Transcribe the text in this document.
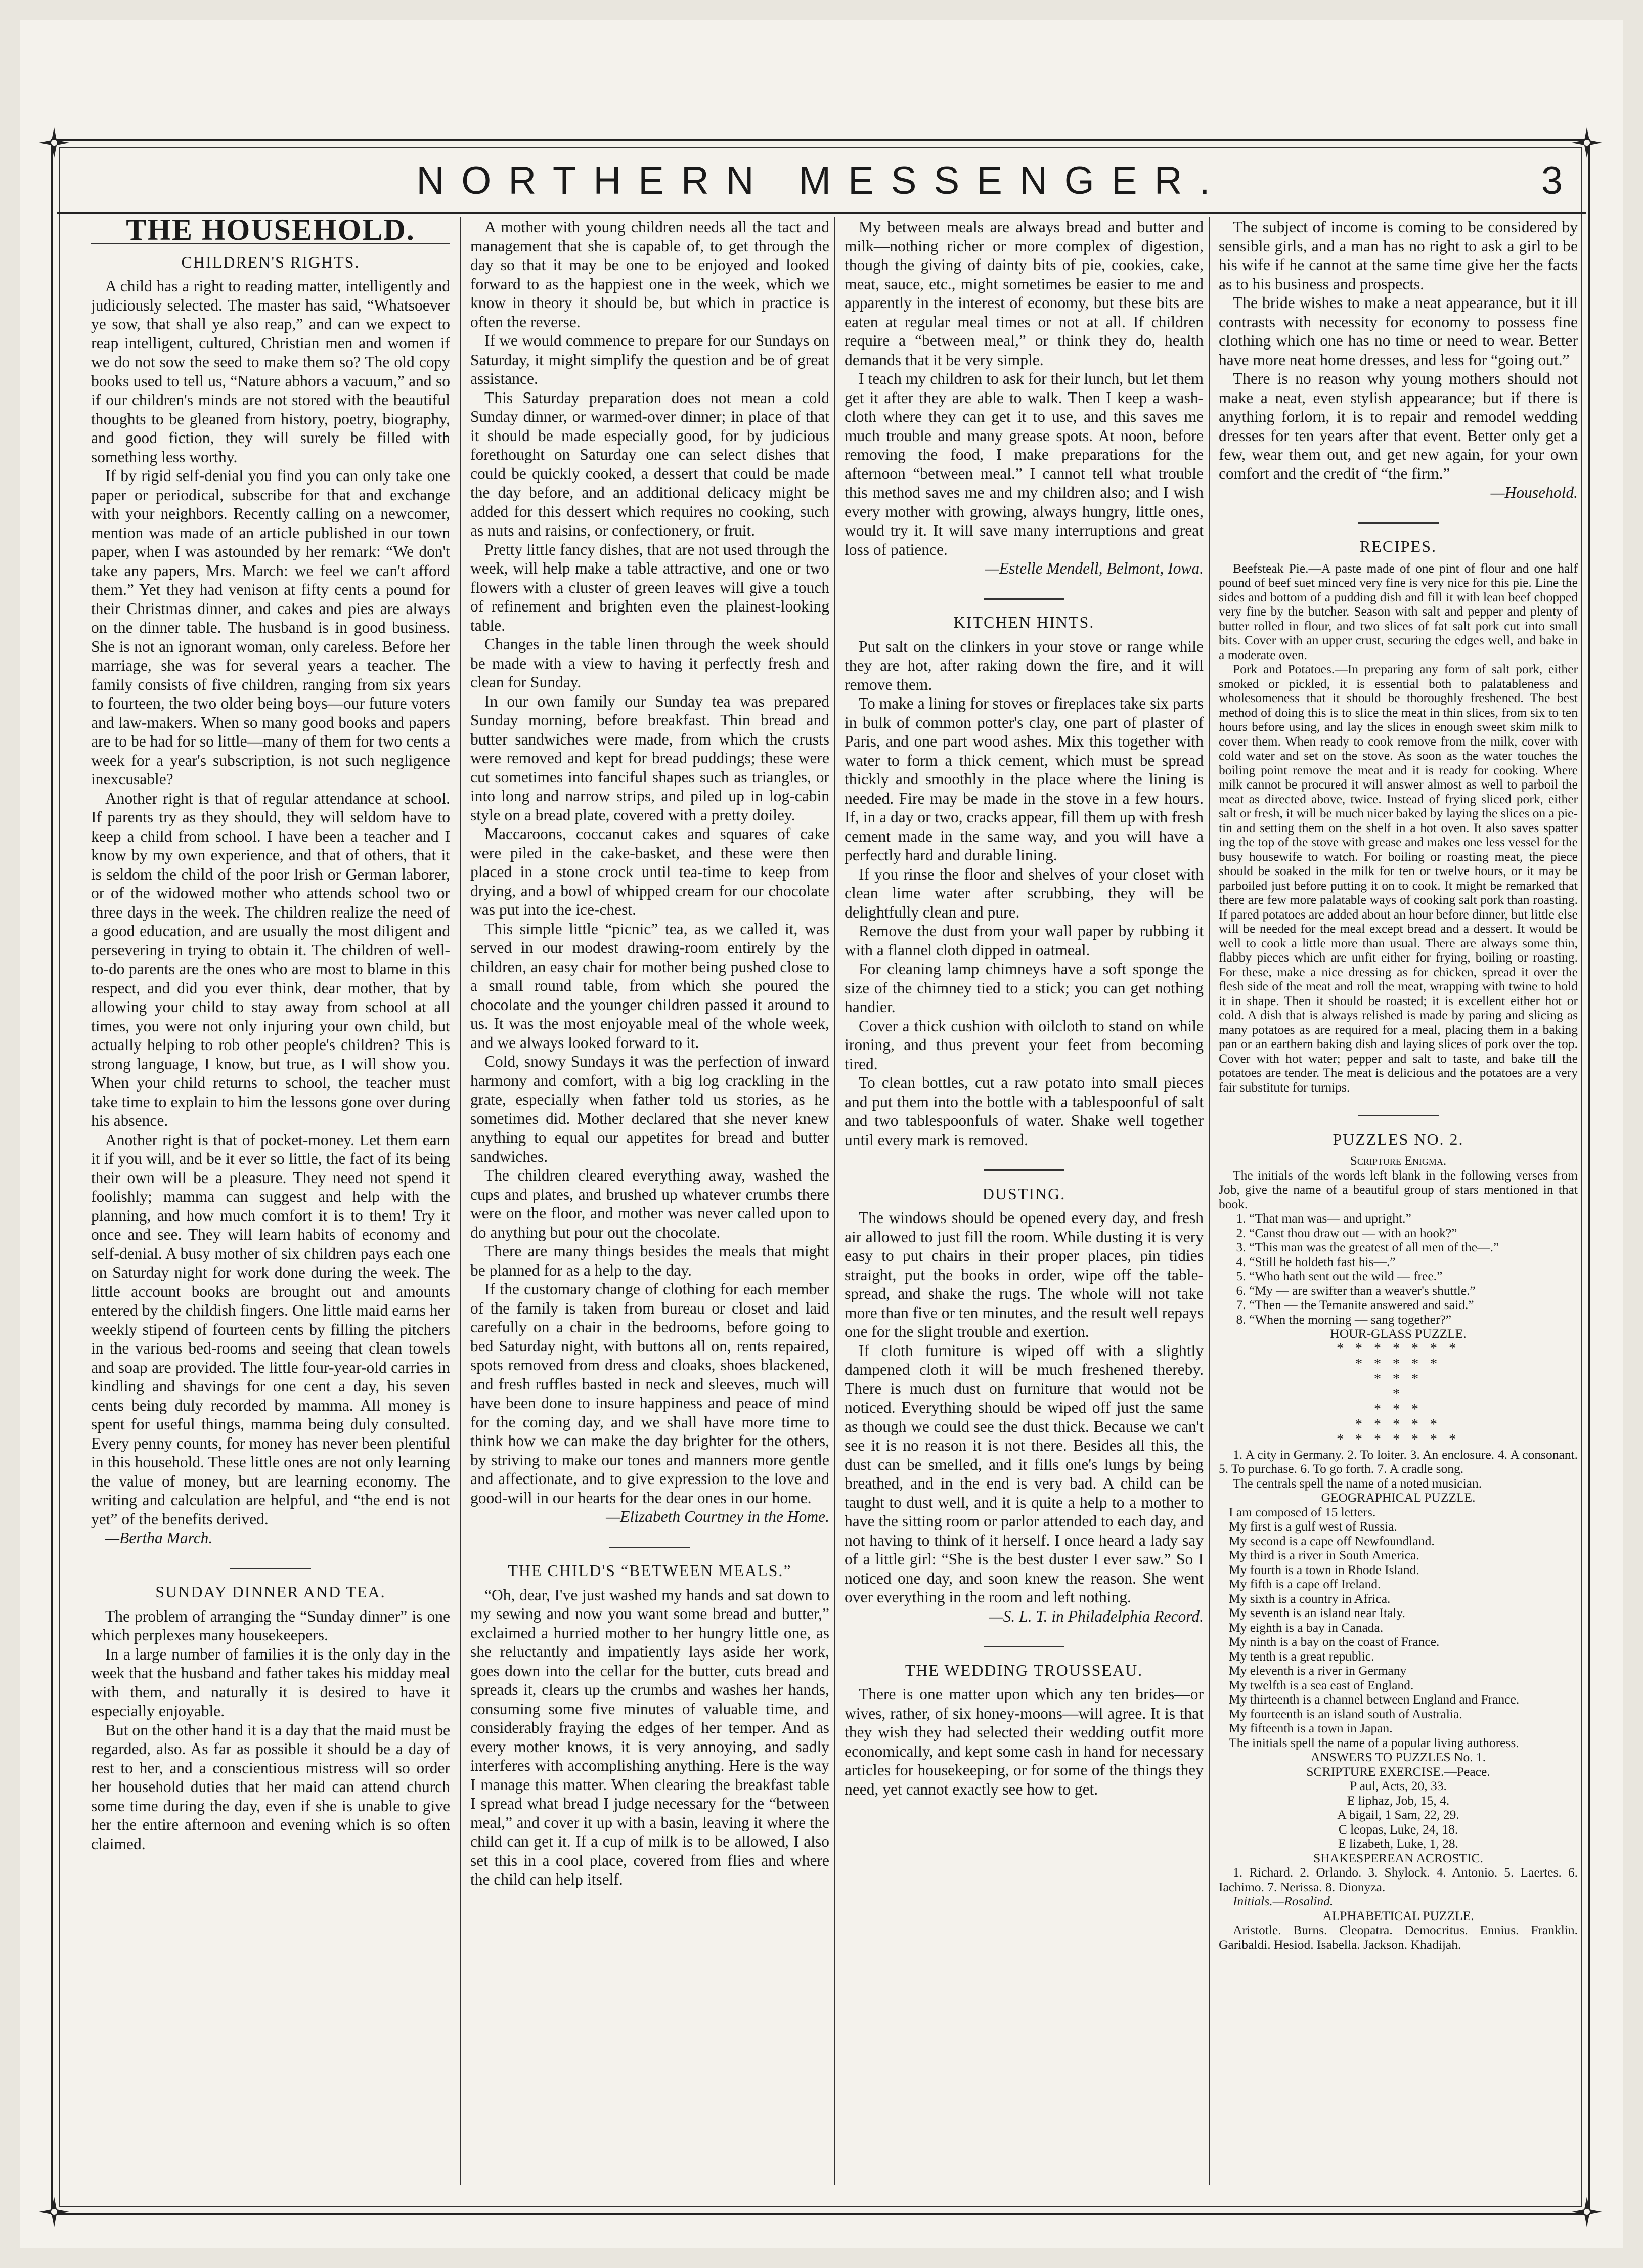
NORTHERN MESSENGER.	3
THE HOUSEHOLD.
CHILDREN'S RIGHTS.

A child has a right to reading matter, intelligently and judiciously selected. The master has said, “Whatsoever ye sow, that shall ye also reap,” and can we expect to reap intelligent, cultured, Christian men and women if we do not sow the seed to make them so? The old copy books used to tell us, “Nature abhors a vacuum,” and so if our children's minds are not stored with the beautiful thoughts to be gleaned from history, poetry, biography, and good fiction, they will surely be filled with something less worthy.

If by rigid self-denial you find you can only take one paper or periodical, subscribe for that and exchange with your neighbors. Recently calling on a newcomer, mention was made of an article published in our town paper, when I was astounded by her remark: “We don't take any papers, Mrs. March: we feel we can't afford them.” Yet they had venison at fifty cents a pound for their Christmas dinner, and cakes and pies are always on the dinner table. The husband is in good business. She is not an ignorant woman, only careless. Before her marriage, she was for several years a teacher. The family consists of five children, ranging from six years to fourteen, the two older being boys—our future voters and law-makers. When so many good books and papers are to be had for so little—many of them for two cents a week for a year's subscription, is not such negligence inexcusable?

Another right is that of regular attendance at school. If parents try as they should, they will seldom have to keep a child from school. I have been a teacher and I know by my own experience, and that of others, that it is seldom the child of the poor Irish or German laborer, or of the widowed mother who attends school two or three days in the week. The children realize the need of a good education, and are usually the most diligent and persevering in trying to obtain it. The children of well-to-do parents are the ones who are most to blame in this respect, and did you ever think, dear mother, that by allowing your child to stay away from school at all times, you were not only injuring your own child, but actually helping to rob other people's children? This is strong language, I know, but true, as I will show you. When your child returns to school, the teacher must take time to explain to him the lessons gone over during his absence.

Another right is that of pocket-money. Let them earn it if you will, and be it ever so little, the fact of its being their own will be a pleasure. They need not spend it foolishly; mamma can suggest and help with the planning, and how much comfort it is to them! Try it once and see. They will learn habits of economy and self-denial. A busy mother of six children pays each one on Saturday night for work done during the week. The little account books are brought out and amounts entered by the childish fingers. One little maid earns her weekly stipend of fourteen cents by filling the pitchers in the various bed-rooms and seeing that clean towels and soap are provided. The little four-year-old carries in kindling and shavings for one cent a day, his seven cents being duly recorded by mamma. All money is spent for useful things, mamma being duly consulted. Every penny counts, for money has never been plentiful in this household. These little ones are not only learning the value of money, but are learning economy. The writing and calculation are helpful, and “the end is not yet” of the benefits derived.

—Bertha March.

SUNDAY DINNER AND TEA.

The problem of arranging the “Sunday dinner” is one which perplexes many housekeepers.

In a large number of families it is the only day in the week that the husband and father takes his midday meal with them, and naturally it is desired to have it especially enjoyable.

But on the other hand it is a day that the maid must be regarded, also. As far as possible it should be a day of rest to her, and a conscientious mistress will so order her household duties that her maid can attend church some time during the day, even if she is unable to give her the entire afternoon and evening which is so often claimed.

A mother with young children needs all the tact and management that she is capable of, to get through the day so that it may be one to be enjoyed and looked forward to as the happiest one in the week, which we know in theory it should be, but which in practice is often the reverse.

If we would commence to prepare for our Sundays on Saturday, it might simplify the question and be of great assistance.

This Saturday preparation does not mean a cold Sunday dinner, or warmed-over dinner; in place of that it should be made especially good, for by judicious forethought on Saturday one can select dishes that could be quickly cooked, a dessert that could be made the day before, and an additional delicacy might be added for this dessert which requires no cooking, such as nuts and raisins, or confectionery, or fruit.

Pretty little fancy dishes, that are not used through the week, will help make a table attractive, and one or two flowers with a cluster of green leaves will give a touch of refinement and brighten even the plainest-looking table.

Changes in the table linen through the week should be made with a view to having it perfectly fresh and clean for Sunday.

In our own family our Sunday tea was prepared Sunday morning, before breakfast. Thin bread and butter sandwiches were made, from which the crusts were removed and kept for bread puddings; these were cut sometimes into fanciful shapes such as triangles, or into long and narrow strips, and piled up in log-cabin style on a bread plate, covered with a pretty doiley.

Maccaroons, coccanut cakes and squares of cake were piled in the cake-basket, and these were then placed in a stone crock until tea-time to keep from drying, and a bowl of whipped cream for our chocolate was put into the ice-chest.

This simple little “picnic” tea, as we called it, was served in our modest drawing-room entirely by the children, an easy chair for mother being pushed close to a small round table, from which she poured the chocolate and the younger children passed it around to us. It was the most enjoyable meal of the whole week, and we always looked forward to it.

Cold, snowy Sundays it was the perfection of inward harmony and comfort, with a big log crackling in the grate, especially when father told us stories, as he sometimes did. Mother declared that she never knew anything to equal our appetites for bread and butter sandwiches.

The children cleared everything away, washed the cups and plates, and brushed up whatever crumbs there were on the floor, and mother was never called upon to do anything but pour out the chocolate.

There are many things besides the meals that might be planned for as a help to the day.

If the customary change of clothing for each member of the family is taken from bureau or closet and laid carefully on a chair in the bedrooms, before going to bed Saturday night, with buttons all on, rents repaired, spots removed from dress and cloaks, shoes blackened, and fresh ruffles basted in neck and sleeves, much will have been done to insure happiness and peace of mind for the coming day, and we shall have more time to think how we can make the day brighter for the others, by striving to make our tones and manners more gentle and affectionate, and to give expression to the love and good-will in our hearts for the dear ones in our home.

—Elizabeth Courtney in the Home.

THE CHILD'S “BETWEEN MEALS.”

“Oh, dear, I've just washed my hands and sat down to my sewing and now you want some bread and butter,” exclaimed a hurried mother to her hungry little one, as she reluctantly and impatiently lays aside her work, goes down into the cellar for the butter, cuts bread and spreads it, clears up the crumbs and washes her hands, consuming some five minutes of valuable time, and considerably fraying the edges of her temper. And as every mother knows, it is very annoying, and sadly interferes with accomplishing anything. Here is the way I manage this matter. When clearing the breakfast table I spread what bread I judge necessary for the “between meal,” and cover it up with a basin, leaving it where the child can get it. If a cup of milk is to be allowed, I also set this in a cool place, covered from flies and where the child can help itself.

My between meals are always bread and butter and milk—nothing richer or more complex of digestion, though the giving of dainty bits of pie, cookies, cake, meat, sauce, etc., might sometimes be easier to me and apparently in the interest of economy, but these bits are eaten at regular meal times or not at all. If children require a “between meal,” or think they do, health demands that it be very simple.

I teach my children to ask for their lunch, but let them get it after they are able to walk. Then I keep a wash-cloth where they can get it to use, and this saves me much trouble and many grease spots. At noon, before removing the food, I make preparations for the afternoon “between meal.” I cannot tell what trouble this method saves me and my children also; and I wish every mother with growing, always hungry, little ones, would try it. It will save many interruptions and great loss of patience.

—Estelle Mendell, Belmont, Iowa.

KITCHEN HINTS.

Put salt on the clinkers in your stove or range while they are hot, after raking down the fire, and it will remove them.

To make a lining for stoves or fireplaces take six parts in bulk of common potter's clay, one part of plaster of Paris, and one part wood ashes. Mix this together with water to form a thick cement, which must be spread thickly and smoothly in the place where the lining is needed. Fire may be made in the stove in a few hours. If, in a day or two, cracks appear, fill them up with fresh cement made in the same way, and you will have a perfectly hard and durable lining.

If you rinse the floor and shelves of your closet with clean lime water after scrubbing, they will be delightfully clean and pure.

Remove the dust from your wall paper by rubbing it with a flannel cloth dipped in oatmeal.

For cleaning lamp chimneys have a soft sponge the size of the chimney tied to a stick; you can get nothing handier.

Cover a thick cushion with oilcloth to stand on while ironing, and thus prevent your feet from becoming tired.

To clean bottles, cut a raw potato into small pieces and put them into the bottle with a tablespoonful of salt and two tablespoonfuls of water. Shake well together until every mark is removed.

DUSTING.

The windows should be opened every day, and fresh air allowed to just fill the room. While dusting it is very easy to put chairs in their proper places, pin tidies straight, put the books in order, wipe off the table-spread, and shake the rugs. The whole will not take more than five or ten minutes, and the result well repays one for the slight trouble and exertion.

If cloth furniture is wiped off with a slightly dampened cloth it will be much freshened thereby. There is much dust on furniture that would not be noticed. Everything should be wiped off just the same as though we could see the dust thick. Because we can't see it is no reason it is not there. Besides all this, the dust can be smelled, and it fills one's lungs by being breathed, and in the end is very bad. A child can be taught to dust well, and it is quite a help to a mother to have the sitting room or parlor attended to each day, and not having to think of it herself. I once heard a lady say of a little girl: “She is the best duster I ever saw.” So I noticed one day, and soon knew the reason. She went over everything in the room and left nothing.

—S. L. T. in Philadelphia Record.

THE WEDDING TROUSSEAU.

There is one matter upon which any ten brides—or wives, rather, of six honey-moons—will agree. It is that they wish they had selected their wedding outfit more economically, and kept some cash in hand for necessary articles for housekeeping, or for some of the things they need, yet cannot exactly see how to get.

The subject of income is coming to be considered by sensible girls, and a man has no right to ask a girl to be his wife if he cannot at the same time give her the facts as to his business and prospects.

The bride wishes to make a neat appearance, but it ill contrasts with necessity for economy to possess fine clothing which one has no time or need to wear. Better have more neat home dresses, and less for “going out.”

There is no reason why young mothers should not make a neat, even stylish appearance; but if there is anything forlorn, it is to repair and remodel wedding dresses for ten years after that event. Better only get a few, wear them out, and get new again, for your own comfort and the credit of “the firm.”

—Household.

RECIPES.

Beefsteak Pie.—A paste made of one pint of flour and one half pound of beef suet minced very fine is very nice for this pie. Line the sides and bottom of a pudding dish and fill it with lean beef chopped very fine by the butcher. Season with salt and pepper and plenty of butter rolled in flour, and two slices of fat salt pork cut into small bits. Cover with an upper crust, securing the edges well, and bake in a moderate oven.

Pork and Potatoes.—In preparing any form of salt pork, either smoked or pickled, it is essential both to palatableness and wholesomeness that it should be thoroughly freshened. The best method of doing this is to slice the meat in thin slices, from six to ten hours before using, and lay the slices in enough sweet skim milk to cover them. When ready to cook remove from the milk, cover with cold water and set on the stove. As soon as the water touches the boiling point remove the meat and it is ready for cooking. Where milk cannot be procured it will answer almost as well to parboil the meat as directed above, twice. Instead of frying sliced pork, either salt or fresh, it will be much nicer baked by laying the slices on a pie-tin and setting them on the shelf in a hot oven. It also saves spatter ing the top of the stove with grease and makes one less vessel for the busy housewife to watch. For boiling or roasting meat, the piece should be soaked in the milk for ten or twelve hours, or it may be parboiled just before putting it on to cook. It might be remarked that there are few more palatable ways of cooking salt pork than roasting. If pared potatoes are added about an hour before dinner, but little else will be needed for the meal except bread and a dessert. It would be well to cook a little more than usual. There are always some thin, flabby pieces which are unfit either for frying, boiling or roasting. For these, make a nice dressing as for chicken, spread it over the flesh side of the meat and roll the meat, wrapping with twine to hold it in shape. Then it should be roasted; it is excellent either hot or cold. A dish that is always relished is made by paring and slicing as many potatoes as are required for a meal, placing them in a baking pan or an earthern baking dish and laying slices of pork over the top. Cover with hot water; pepper and salt to taste, and bake till the potatoes are tender. The meat is delicious and the potatoes are a very fair substitute for turnips.

PUZZLES NO. 2.

Scripture Enigma.

The initials of the words left blank in the following verses from Job, give the name of a beautiful group of stars mentioned in that book.

1. “That man was— and upright.”
2. “Canst thou draw out — with an hook?”
3. “This man was the greatest of all men of the—.”
4. “Still he holdeth fast his—.”
5. “Who hath sent out the wild — free.”
6. “My — are swifter than a weaver's shuttle.”
7. “Then — the Temanite answered and said.”
8. “When the morning — sang together?”

HOUR-GLASS PUZZLE.

* * * * * * *
* * * * *
* * *
*
* * *
* * * * *
* * * * * * *

1. A city in Germany. 2. To loiter. 3. An enclosure. 4. A consonant. 5. To purchase. 6. To go forth. 7. A cradle song.

The centrals spell the name of a noted musician.

GEOGRAPHICAL PUZZLE.

I am composed of 15 letters.

My first is a gulf west of Russia.

My second is a cape off Newfoundland.

My third is a river in South America.

My fourth is a town in Rhode Island.

My fifth is a cape off Ireland.

My sixth is a country in Africa.

My seventh is an island near Italy.

My eighth is a bay in Canada.

My ninth is a bay on the coast of France.

My tenth is a great republic.

My eleventh is a river in Germany

My twelfth is a sea east of England.

My thirteenth is a channel between England and France.

My fourteenth is an island south of Australia.

My fifteenth is a town in Japan.

The initials spell the name of a popular living authoress.

ANSWERS TO PUZZLES No. 1.

SCRIPTURE EXERCISE.—Peace.

P aul, Acts, 20, 33.

E liphaz, Job, 15, 4.

A bigail, 1 Sam, 22, 29.

C leopas, Luke, 24, 18.

E lizabeth, Luke, 1, 28.

SHAKESPEREAN ACROSTIC.

1. Richard. 2. Orlando. 3. Shylock. 4. Antonio. 5. Laertes. 6. Iachimo. 7. Nerissa. 8. Dionyza.

Initials.—Rosalind.

ALPHABETICAL PUZZLE.

Aristotle. Burns. Cleopatra. Democritus. Ennius. Franklin. Garibaldi. Hesiod. Isabella. Jackson. Khadijah.
